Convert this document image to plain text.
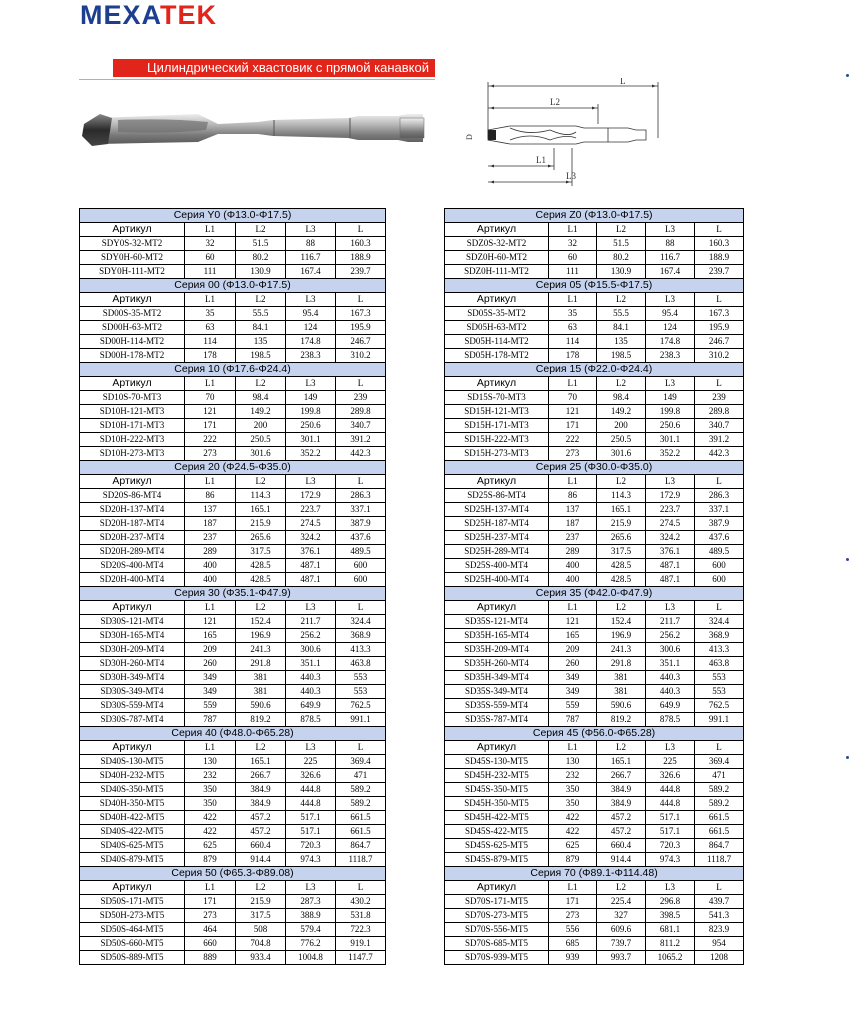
MEXATEK
Цилиндрический хвастовик с прямой канавкой
L
L2
L1
L3
D
Серия Y0 (Φ13.0-Φ17.5)				
Артикул	L1	L2	L3	L
SDY0S-32-MT2	32	51.5	88	160.3
SDY0H-60-MT2	60	80.2	116.7	188.9
SDY0H-111-MT2	111	130.9	167.4	239.7
Серия 00 (Φ13.0-Φ17.5)				
Артикул	L1	L2	L3	L
SD00S-35-MT2	35	55.5	95.4	167.3
SD00H-63-MT2	63	84.1	124	195.9
SD00H-114-MT2	114	135	174.8	246.7
SD00H-178-MT2	178	198.5	238.3	310.2
Серия 10 (Φ17.6-Φ24.4)				
Артикул	L1	L2	L3	L
SD10S-70-MT3	70	98.4	149	239
SD10H-121-MT3	121	149.2	199.8	289.8
SD10H-171-MT3	171	200	250.6	340.7
SD10H-222-MT3	222	250.5	301.1	391.2
SD10H-273-MT3	273	301.6	352.2	442.3
Серия 20 (Φ24.5-Φ35.0)				
Артикул	L1	L2	L3	L
SD20S-86-MT4	86	114.3	172.9	286.3
SD20H-137-MT4	137	165.1	223.7	337.1
SD20H-187-MT4	187	215.9	274.5	387.9
SD20H-237-MT4	237	265.6	324.2	437.6
SD20H-289-MT4	289	317.5	376.1	489.5
SD20S-400-MT4	400	428.5	487.1	600
SD20H-400-MT4	400	428.5	487.1	600
Серия 30 (Φ35.1-Φ47.9)				
Артикул	L1	L2	L3	L
SD30S-121-MT4	121	152.4	211.7	324.4
SD30H-165-MT4	165	196.9	256.2	368.9
SD30H-209-MT4	209	241.3	300.6	413.3
SD30H-260-MT4	260	291.8	351.1	463.8
SD30H-349-MT4	349	381	440.3	553
SD30S-349-MT4	349	381	440.3	553
SD30S-559-MT4	559	590.6	649.9	762.5
SD30S-787-MT4	787	819.2	878.5	991.1
Серия 40 (Φ48.0-Φ65.28)				
Артикул	L1	L2	L3	L
SD40S-130-MT5	130	165.1	225	369.4
SD40H-232-MT5	232	266.7	326.6	471
SD40S-350-MT5	350	384.9	444.8	589.2
SD40H-350-MT5	350	384.9	444.8	589.2
SD40H-422-MT5	422	457.2	517.1	661.5
SD40S-422-MT5	422	457.2	517.1	661.5
SD40S-625-MT5	625	660.4	720.3	864.7
SD40S-879-MT5	879	914.4	974.3	1118.7
Серия 50 (Φ65.3-Φ89.08)				
Артикул	L1	L2	L3	L
SD50S-171-MT5	171	215.9	287.3	430.2
SD50H-273-MT5	273	317.5	388.9	531.8
SD50S-464-MT5	464	508	579.4	722.3
SD50S-660-MT5	660	704.8	776.2	919.1
SD50S-889-MT5	889	933.4	1004.8	1147.7
Серия Z0 (Φ13.0-Φ17.5)				
Артикул	L1	L2	L3	L
SDZ0S-32-MT2	32	51.5	88	160.3
SDZ0H-60-MT2	60	80.2	116.7	188.9
SDZ0H-111-MT2	111	130.9	167.4	239.7
Серия 05 (Φ15.5-Φ17.5)				
Артикул	L1	L2	L3	L
SD05S-35-MT2	35	55.5	95.4	167.3
SD05H-63-MT2	63	84.1	124	195.9
SD05H-114-MT2	114	135	174.8	246.7
SD05H-178-MT2	178	198.5	238.3	310.2
Серия 15 (Φ22.0-Φ24.4)				
Артикул	L1	L2	L3	L
SD15S-70-MT3	70	98.4	149	239
SD15H-121-MT3	121	149.2	199.8	289.8
SD15H-171-MT3	171	200	250.6	340.7
SD15H-222-MT3	222	250.5	301.1	391.2
SD15H-273-MT3	273	301.6	352.2	442.3
Серия 25 (Φ30.0-Φ35.0)				
Артикул	L1	L2	L3	L
SD25S-86-MT4	86	114.3	172.9	286.3
SD25H-137-MT4	137	165.1	223.7	337.1
SD25H-187-MT4	187	215.9	274.5	387.9
SD25H-237-MT4	237	265.6	324.2	437.6
SD25H-289-MT4	289	317.5	376.1	489.5
SD25S-400-MT4	400	428.5	487.1	600
SD25H-400-MT4	400	428.5	487.1	600
Серия 35 (Φ42.0-Φ47.9)				
Артикул	L1	L2	L3	L
SD35S-121-MT4	121	152.4	211.7	324.4
SD35H-165-MT4	165	196.9	256.2	368.9
SD35H-209-MT4	209	241.3	300.6	413.3
SD35H-260-MT4	260	291.8	351.1	463.8
SD35H-349-MT4	349	381	440.3	553
SD35S-349-MT4	349	381	440.3	553
SD35S-559-MT4	559	590.6	649.9	762.5
SD35S-787-MT4	787	819.2	878.5	991.1
Серия 45 (Φ56.0-Φ65.28)				
Артикул	L1	L2	L3	L
SD45S-130-MT5	130	165.1	225	369.4
SD45H-232-MT5	232	266.7	326.6	471
SD45S-350-MT5	350	384.9	444.8	589.2
SD45H-350-MT5	350	384.9	444.8	589.2
SD45H-422-MT5	422	457.2	517.1	661.5
SD45S-422-MT5	422	457.2	517.1	661.5
SD45S-625-MT5	625	660.4	720.3	864.7
SD45S-879-MT5	879	914.4	974.3	1118.7
Серия 70 (Φ89.1-Φ114.48)				
Артикул	L1	L2	L3	L
SD70S-171-MT5	171	225.4	296.8	439.7
SD70S-273-MT5	273	327	398.5	541.3
SD70S-556-MT5	556	609.6	681.1	823.9
SD70S-685-MT5	685	739.7	811.2	954
SD70S-939-MT5	939	993.7	1065.2	1208
